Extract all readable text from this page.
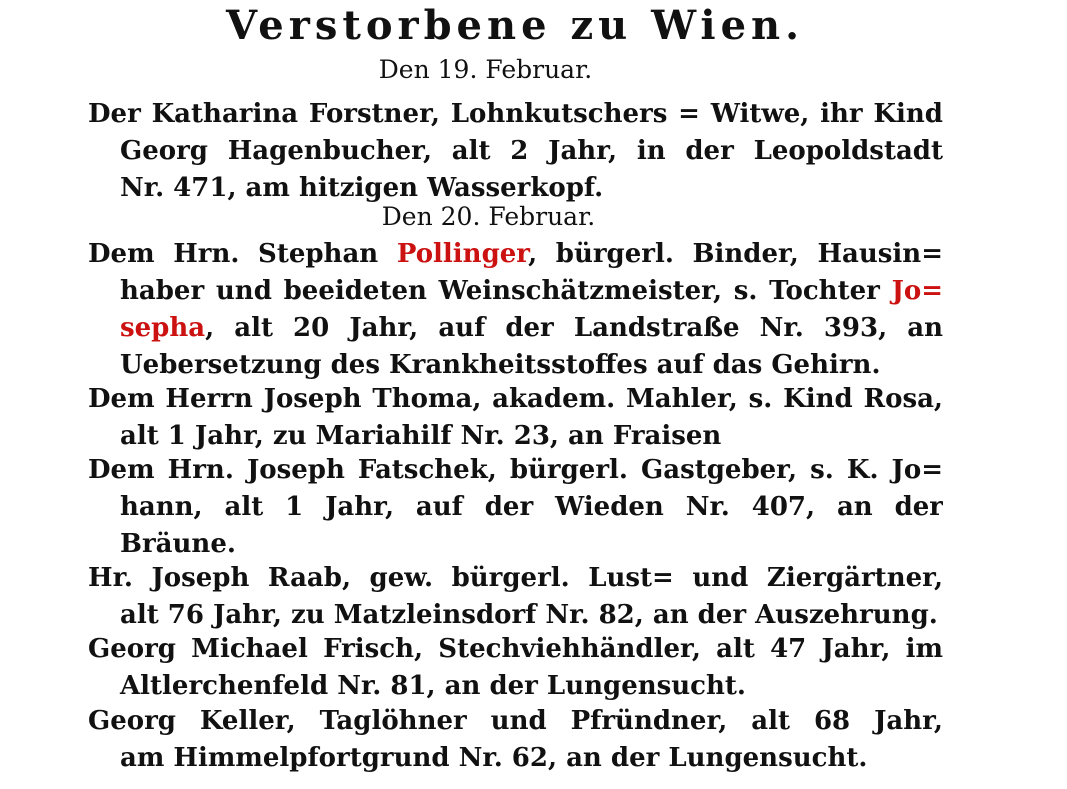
Verstorbene zu Wien.
Den 19. Februar.
Der Katharina Forstner, Lohnkutschers = Witwe, ihr Kind
Georg Hagenbucher, alt 2 Jahr, in der Leopoldstadt
Nr. 471, am hitzigen Wasserkopf.
Den 20. Februar.
Dem Hrn. Stephan Pollinger, bürgerl. Binder, Hausin=
haber und beeideten Weinschätzmeister, s. Tochter Jo=
sepha, alt 20 Jahr, auf der Landstraße Nr. 393, an
Uebersetzung des Krankheitsstoffes auf das Gehirn.
Dem Herrn Joseph Thoma, akadem. Mahler, s. Kind Rosa,
alt 1 Jahr, zu Mariahilf Nr. 23, an Fraisen
Dem Hrn. Joseph Fatschek, bürgerl. Gastgeber, s. K. Jo=
hann, alt 1 Jahr, auf der Wieden Nr. 407, an der
Bräune.
Hr. Joseph Raab, gew. bürgerl. Lust= und Ziergärtner,
alt 76 Jahr, zu Matzleinsdorf Nr. 82, an der Auszehrung.
Georg Michael Frisch, Stechviehhändler, alt 47 Jahr, im
Altlerchenfeld Nr. 81, an der Lungensucht.
Georg Keller, Taglöhner und Pfründner, alt 68 Jahr,
am Himmelpfortgrund Nr. 62, an der Lungensucht.
